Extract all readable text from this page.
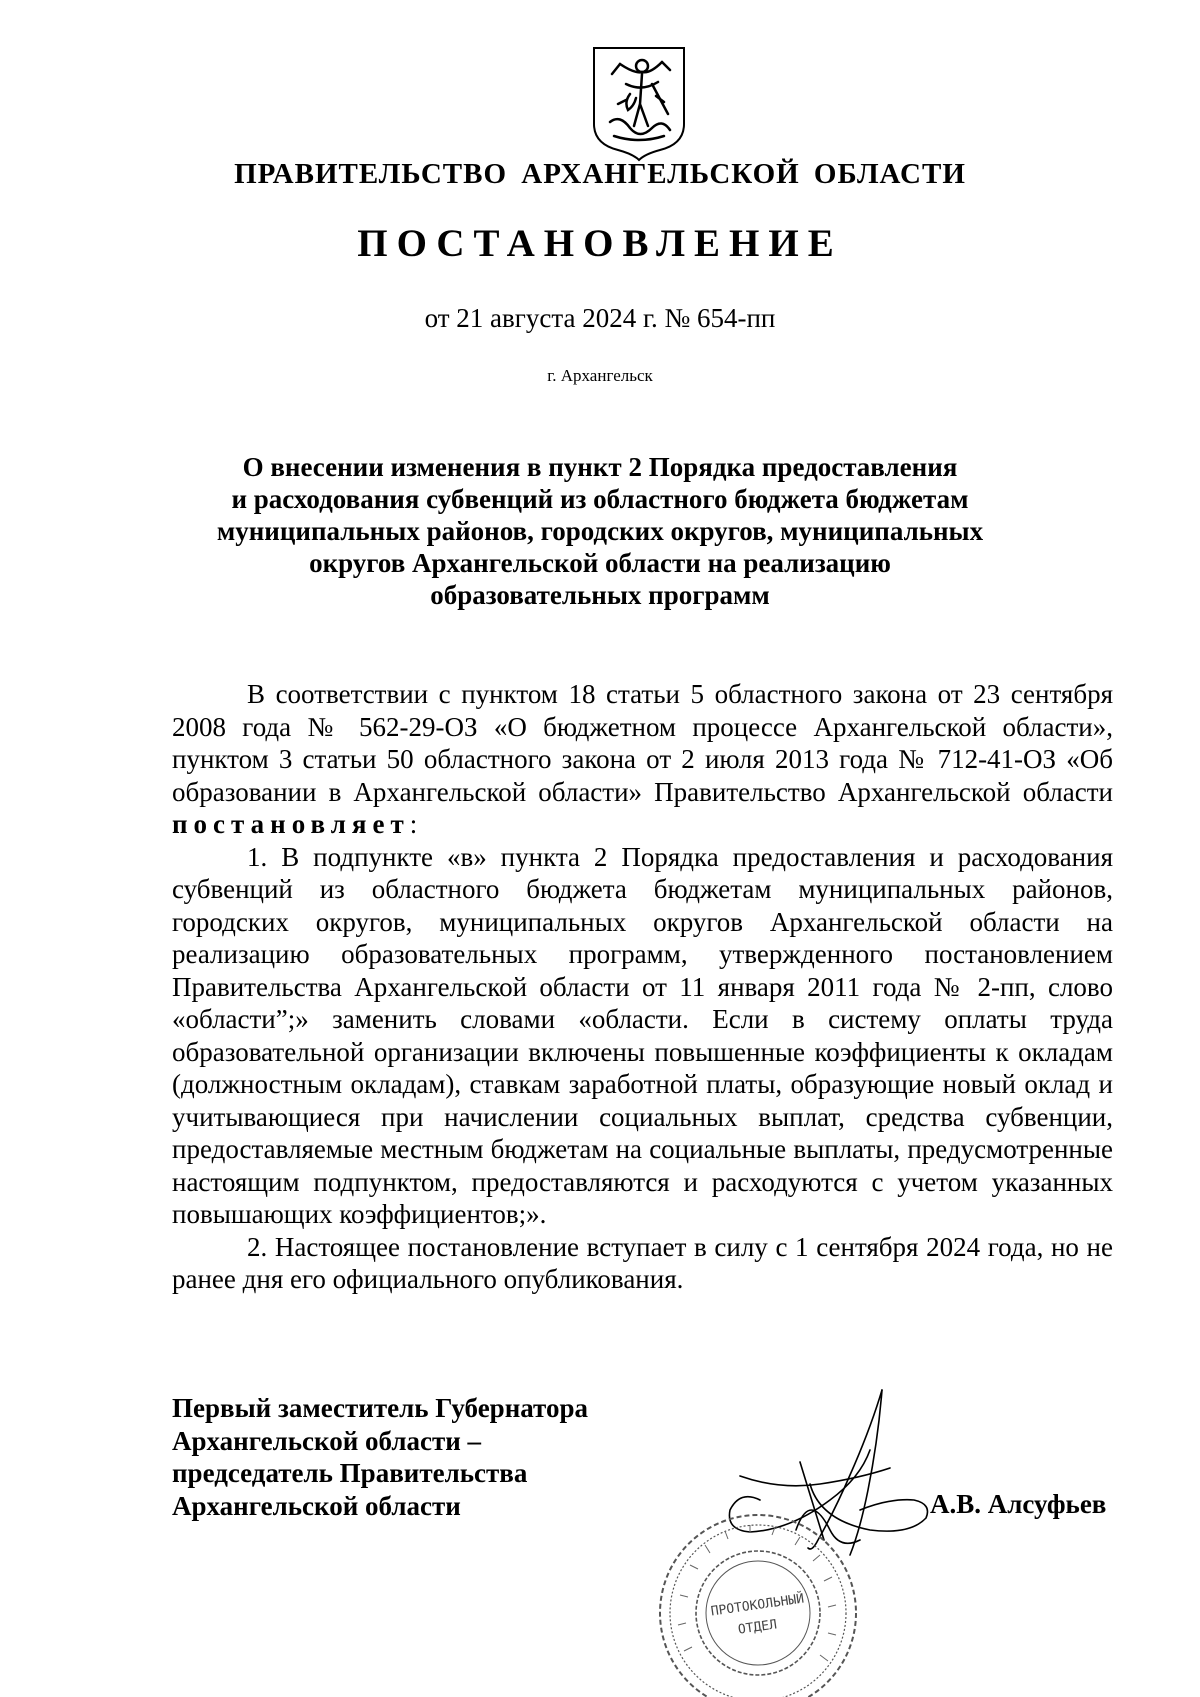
ПРАВИТЕЛЬСТВО АРХАНГЕЛЬСКОЙ ОБЛАСТИ
ПОСТАНОВЛЕНИЕ
от 21 августа 2024 г. № 654-пп
г. Архангельск
О внесении изменения в пункт 2 Порядка предоставления
и расходования субвенций из областного бюджета бюджетам
муниципальных районов, городских округов, муниципальных
округов Архангельской области на реализацию
образовательных программ

В соответствии с пунктом 18 статьи 5 областного закона от 23 сентября 2008 года № 562-29-ОЗ «О бюджетном процессе Архангельской области», пунктом 3 статьи 50 областного закона от 2 июля 2013 года № 712-41-ОЗ «Об образовании в Архангельской области» Правительство Архангельской области постановляет:

1. В подпункте «в» пункта 2 Порядка предоставления и расходования субвенций из областного бюджета бюджетам муниципальных районов, городских округов, муниципальных округов Архангельской области на реализацию образовательных программ, утвержденного постановлением Правительства Архангельской области от 11 января 2011 года № 2-пп, слово «области”;» заменить словами «области. Если в систему оплаты труда образовательной организации включены повышенные коэффициенты к окладам (должностным окладам), ставкам заработной платы, образующие новый оклад и учитывающиеся при начислении социальных выплат, средства субвенции, предоставляемые местным бюджетам на социальные выплаты, предусмотренные настоящим подпунктом, предоставляются и расходуются с учетом указанных повышающих коэффициентов;».

2. Настоящее постановление вступает в силу с 1 сентября 2024 года, но не ранее дня его официального опубликования.

Первый заместитель Губернатора
Архангельской области –
председатель Правительства
Архангельской области	А.В. Алсуфьев
ПРОТОКОЛЬНЫЙ
ОТДЕЛ
